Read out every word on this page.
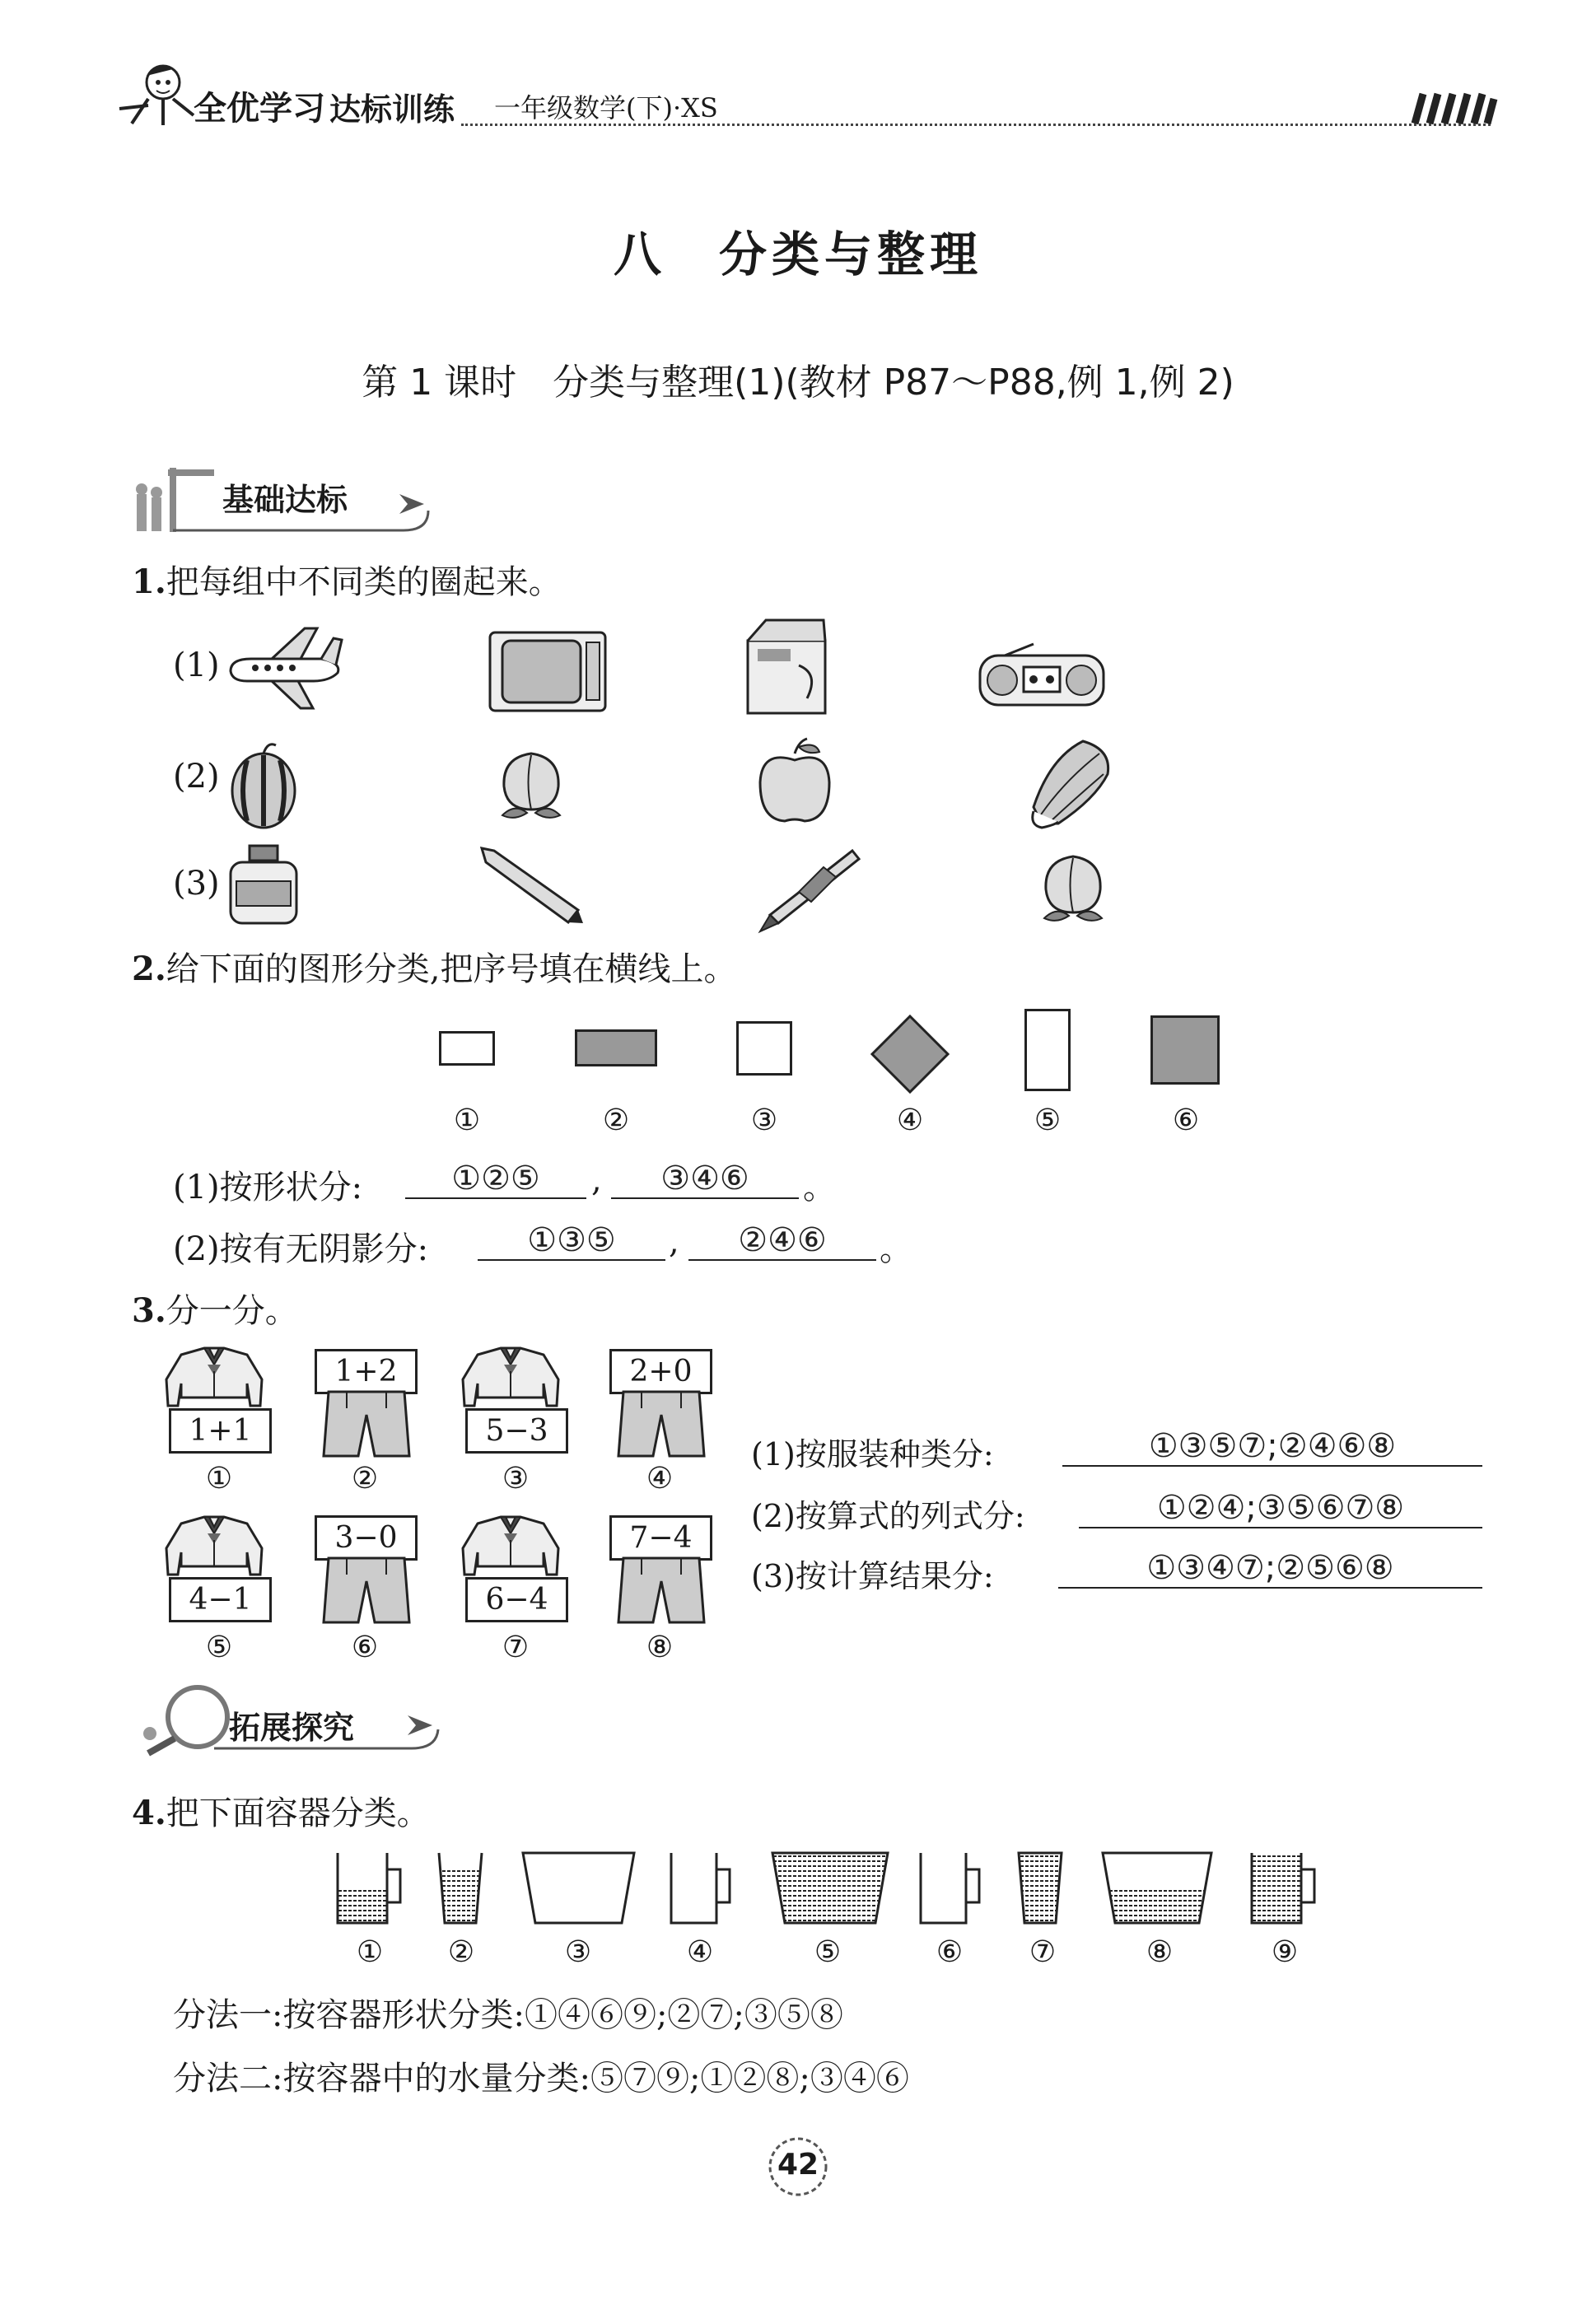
全优学习 达标训练 一年级数学(下)·XS
八　分类与整理
第 1 课时　分类与整理(1)(教材 P87～P88,例 1,例 2)
基础达标
1.把每组中不同类的圈起来。
(1)
(2)
(3)
2.给下面的图形分类,把序号填在横线上。
①	②	③	④	⑤	⑥
(1)按形状分:	①②⑤	,	③④⑥	。
(2)按有无阴影分:	①③⑤	,	②④⑥	。
3.分一分。
1+1
①
1+2
②
5−3
③
2+0
④
4−1
⑤
3−0
⑥
6−4
⑦
7−4
⑧
(1)按服装种类分:	①③⑤⑦;②④⑥⑧
(2)按算式的列式分:	①②④;③⑤⑥⑦⑧
(3)按计算结果分:	①③④⑦;②⑤⑥⑧
拓展探究
4.把下面容器分类。
①	②	③	④	⑤	⑥	⑦	⑧	⑨
分法一:按容器形状分类:①④⑥⑨;②⑦;③⑤⑧
分法二:按容器中的水量分类:⑤⑦⑨;①②⑧;③④⑥
42
